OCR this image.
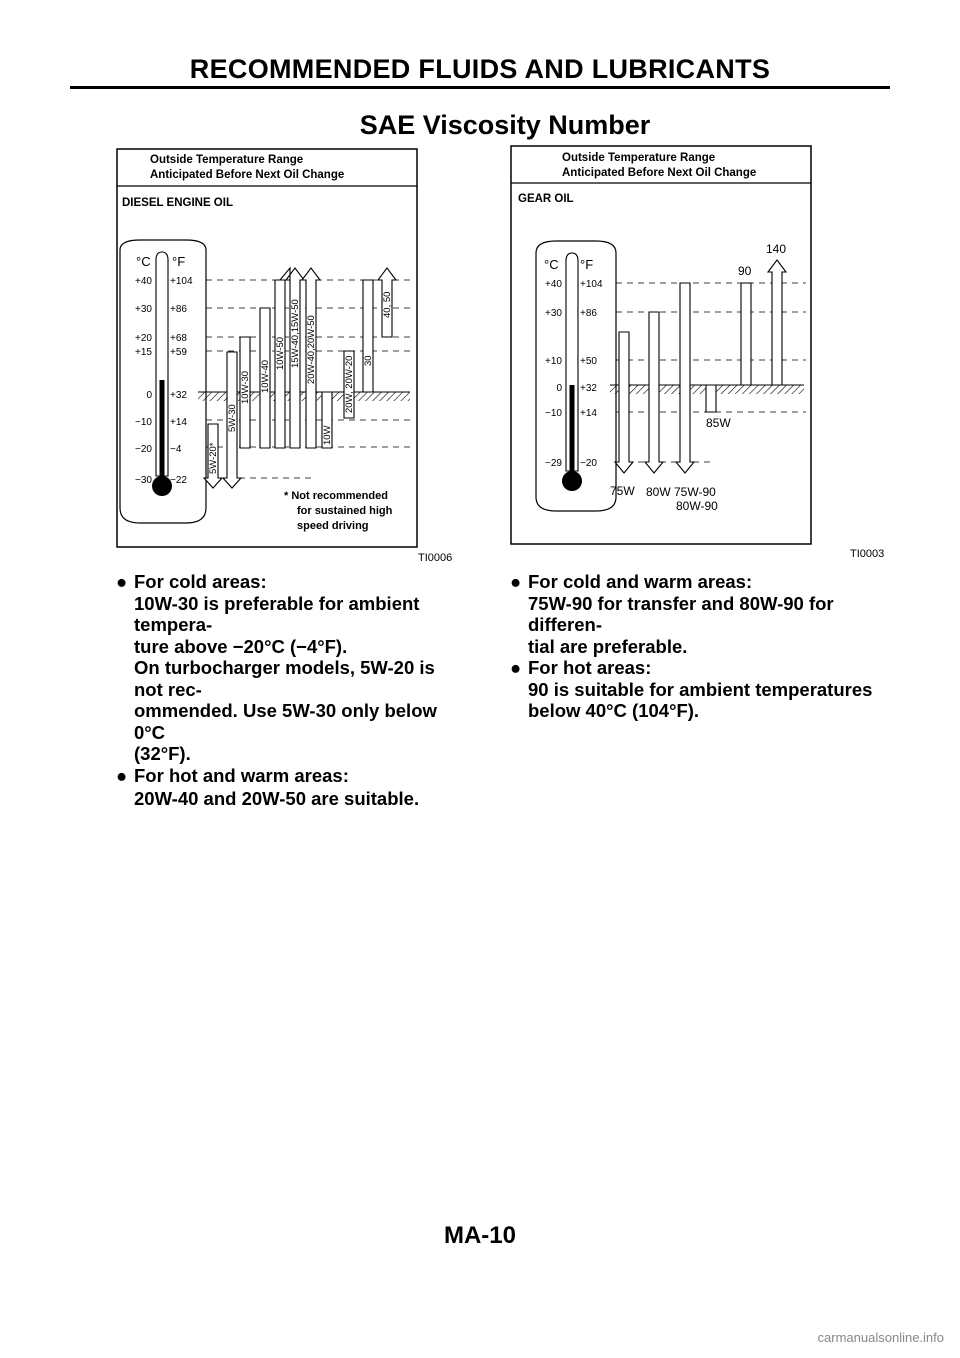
RECOMMENDED FLUIDS AND LUBRICANTS
SAE Viscosity Number
Outside Temperature Range
Anticipated Before Next Oil Change
DIESEL ENGINE OIL
°C °F
+40
+30
+20
+15
0
−10
−20
−30
+104
+86
+68
+59
+32
+14
−4
−22
5W-20*
5W-30
10W-30 10W-40
10W-50 15W-40,15W-50 20W-40,20W-50
10W
20W, 20W-20 30
40, 50
* Not recommended
for sustained high
speed driving
TI0006
Outside Temperature Range
Anticipated Before Next Oil Change
GEAR OIL
°C °F
+40
+30
+10
0
−10
−29
+104
+86
+50
+32
+14
−20
75W 80W 75W-90
80W-90
85W
90
140
TI0003

● For cold areas:
10W-30 is preferable for ambient tempera-
ture above −20°C (−4°F).
On turbocharger models, 5W-20 is not rec-
ommended. Use 5W-30 only below 0°C
(32°F).

● For hot and warm areas:
20W-40 and 20W-50 are suitable.

● For cold and warm areas:
75W-90 for transfer and 80W-90 for differen-
tial are preferable.

● For hot areas:
90 is suitable for ambient temperatures
below 40°C (104°F).

MA-10
carmanualsonline.info
